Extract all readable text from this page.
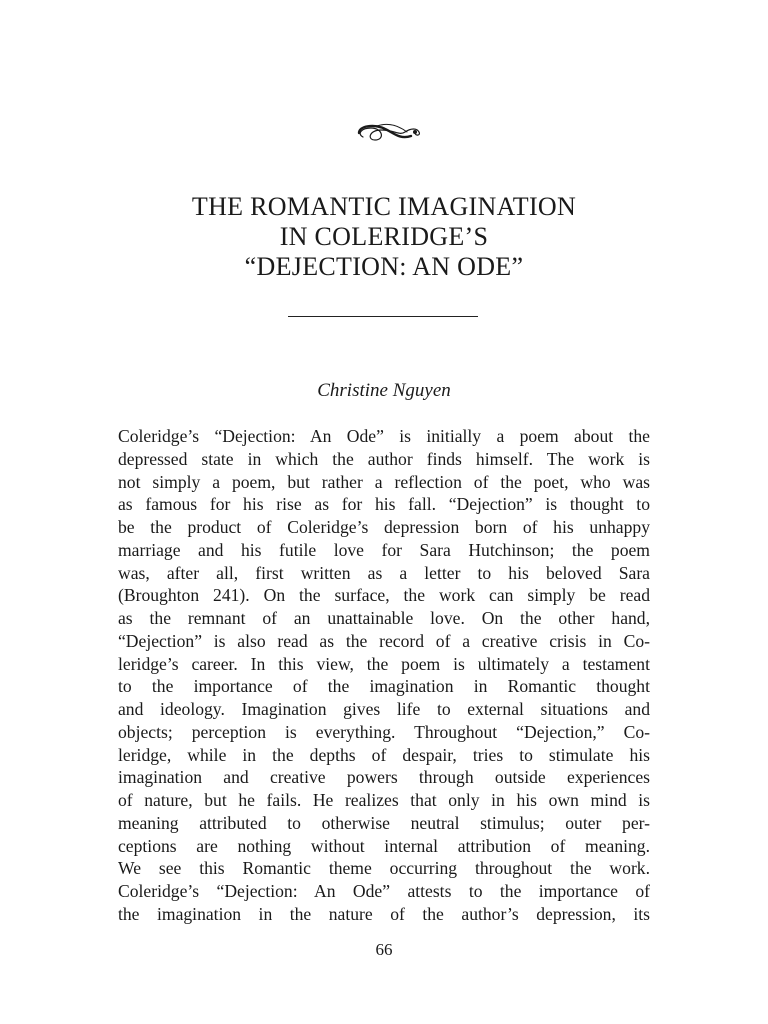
THE ROMANTIC IMAGINATION
IN COLERIDGE’S
“DEJECTION: AN ODE”
Christine Nguyen
Coleridge’s “Dejection: An Ode” is initially a poem about the
depressed state in which the author finds himself. The work is
not simply a poem, but rather a reflection of the poet, who was
as famous for his rise as for his fall. “Dejection” is thought to
be the product of Coleridge’s depression born of his unhappy
marriage and his futile love for Sara Hutchinson; the poem
was, after all, first written as a letter to his beloved Sara
(Broughton 241). On the surface, the work can simply be read
as the remnant of an unattainable love. On the other hand,
“Dejection” is also read as the record of a creative crisis in Co-
leridge’s career. In this view, the poem is ultimately a testament
to the importance of the imagination in Romantic thought
and ideology. Imagination gives life to external situations and
objects; perception is everything. Throughout “Dejection,” Co-
leridge, while in the depths of despair, tries to stimulate his
imagination and creative powers through outside experiences
of nature, but he fails. He realizes that only in his own mind is
meaning attributed to otherwise neutral stimulus; outer per-
ceptions are nothing without internal attribution of meaning.
We see this Romantic theme occurring throughout the work.
Coleridge’s “Dejection: An Ode” attests to the importance of
the imagination in the nature of the author’s depression, its
66
